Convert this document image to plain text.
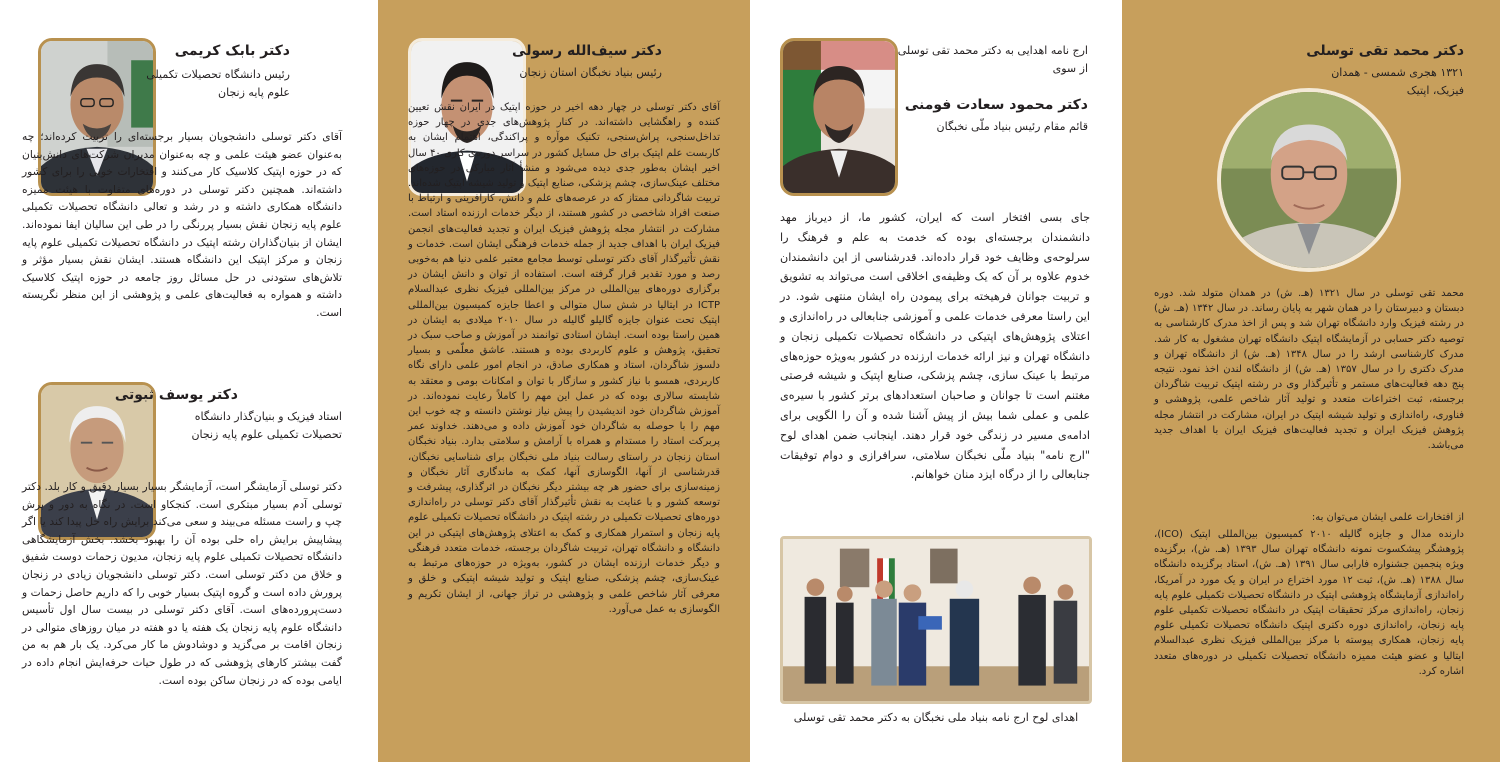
دکتر بابک کریمی
رئیس دانشگاه تحصیلات تکمیلی
علوم پایه زنجان

آقای دکتر توسلی دانشجویان بسیار برجسته‌ای را تربیت کرده‌اند؛ چه به‌عنوان عضو هیئت علمی و چه به‌عنوان مدیران شرکت‌های دانش‌بنیان که در حوزه اپتیک کلاسیک کار می‌کنند و افتخارات خوبی را برای کشور داشته‌اند. همچنین دکتر توسلی در دوره‌های متفاوت با هیئت ممیزه دانشگاه همکاری داشته و در رشد و تعالی دانشگاه تحصیلات تکمیلی علوم پایه زنجان نقش بسیار پررنگی را در طی این سالیان ایفا نموده‌اند. ایشان از بنیان‌گذاران رشته اپتیک در دانشگاه تحصیلات تکمیلی علوم پایه زنجان و مرکز اپتیک این دانشگاه هستند. ایشان نقش بسیار مؤثر و تلاش‌های ستودنی در حل مسائل روز جامعه در حوزه اپتیک کلاسیک داشته و همواره به فعالیت‌های علمی و پژوهشی از این منظر نگریسته است.

دکتر یوسف ثبوتی
استاد فیزیک و بنیان‌گذار دانشگاه
تحصیلات تکمیلی علوم پایه زنجان

دکتر توسلی آزمایشگر است، آزمایشگر بسیار بسیار دقیق و کار بلد. دکتر توسلی آدم بسیار مبتکری است. کنجکاو است. در نگاه به دور و برش چپ و راست مسئله می‌بیند و سعی می‌کند برایش راه حل پیدا کند یا اگر پیشاپیش برایش راه حلی بوده آن را بهبود بخشد. بخش آزمایشگاهی دانشگاه تحصیلات تکمیلی علوم پایه زنجان، مدیون زحمات دوست شفیق و خلاق من دکتر توسلی است. دکتر توسلی دانشجویان زیادی در زنجان پرورش داده است و گروه اپتیک بسیار خوبی را که داریم حاصل زحمات و دست‌پرورده‌های است. آقای دکتر توسلی در بیست سال اول تأسیس دانشگاه علوم پایه زنجان یک هفته یا دو هفته در میان روزهای متوالی در زنجان اقامت بر می‌گزید و دوشادوش ما کار می‌کرد. یک بار هم به من گفت بیشتر کارهای پژوهشی که در طول حیات حرفه‌ایش انجام داده در ایامی بوده که در زنجان ساکن بوده است.

دکتر سیف‌الله رسولی
رئیس بنیاد نخبگان استان زنجان

آقای دکتر توسلی در چهار دهه اخیر در حوزه اپتیک در ایران نقش تعیین کننده و راهگشایی داشته‌اند. در کنار پژوهش‌های جدی در چهار حوزه تداخل‌سنجی، پراش‌سنجی، تکنیک موآره و پراکندگی، اهتمام ایشان به کاربست علم اپتیک برای حل مسایل کشور در سراسر دوره‌ی کاری ۴۰ سال اخیر ایشان به‌طور جدی دیده می‌شود و منشأ آثار مبارکی در حوزه‌های مختلف عینک‌سازی، چشم پزشکی، صنایع اپتیک و تولید شیشه اپتیک شده‌اند. تربیت شاگردانی ممتاز که در عرصه‌های علم و دانش، کارآفرینی و ارتباط با صنعت افراد شاخصی در کشور هستند، از دیگر خدمات ارزنده استاد است. مشارکت در انتشار مجله پژوهش فیزیک ایران و تجدید فعالیت‌های انجمن فیزیک ایران با اهداف جدید از جمله خدمات فرهنگی ایشان است. خدمات و نقش تأثیرگذار آقای دکتر توسلی توسط مجامع معتبر علمی دنیا هم به‌خوبی رصد و مورد تقدیر قرار گرفته است. استفاده از توان و دانش ایشان در برگزاری دوره‌های بین‌المللی در مرکز بین‌المللی فیزیک نظری عبدالسلام ICTP در ایتالیا در شش سال متوالی و اعطا جایزه کمیسیون بین‌المللی اپتیک تحت عنوان جایزه گالیلو گالیله در سال ۲۰۱۰ میلادی به ایشان در همین راستا بوده است. ایشان استادی توانمند در آموزش و صاحب سبک در تحقیق، پژوهش و علوم کاربردی بوده و هستند. عاشق معلّمی و بسیار دلسوز شاگردان، استاد و همکاری صادق، در انجام امور علمی دارای نگاه کاربردی، همسو با نیاز کشور و سازگار با توان و امکانات بومی و معتقد به شایسته سالاری بوده که در عمل این مهم را کاملاً رعایت نموده‌اند. در آموزش شاگردان خود اندیشیدن را پیش نیاز نوشتن دانسته و چه خوب این مهم را با حوصله به شاگردان خود آموزش داده و می‌دهند. خداوند عمر پربرکت استاد را مستدام و همراه با آرامش و سلامتی بدارد. بنیاد نخبگان استان زنجان در راستای رسالت بنیاد ملی نخبگان برای شناسایی نخبگان، قدرشناسی از آنها، الگوسازی آنها، کمک به ماندگاری آثار نخبگان و زمینه‌سازی برای حضور هر چه بیشتر دیگر نخبگان در اثرگذاری، پیشرفت و توسعه کشور و با عنایت به نقش تأثیرگذار آقای دکتر توسلی در راه‌اندازی دوره‌های تحصیلات تکمیلی در رشته اپتیک در دانشگاه تحصیلات تکمیلی علوم پایه زنجان و استمرار همکاری و کمک به اعتلای پژوهش‌های اپتیکی در این دانشگاه و دانشگاه تهران، تربیت شاگردان برجسته، خدمات متعدد فرهنگی و دیگر خدمات ارزنده ایشان در کشور، به‌ویژه در حوزه‌های مرتبط به عینک‌سازی، چشم پزشکی، صنایع اپتیک و تولید شیشه اپتیکی و خلق و معرفی آثار شاخص علمی و پژوهشی در تراز جهانی، از ایشان تکریم و الگوسازی به عمل می‌آورد.

ارج نامه اهدایی به دکتر محمد تقی توسلی
از سوی
دکتر محمود سعادت فومنی
قائم مقام رئیس بنیاد ملّی نخبگان

جای بسی افتخار است که ایران، کشور ما، از دیرباز مهد دانشمندان برجسته‌ای بوده که خدمت به علم و فرهنگ را سرلوحه‌ی وظایف خود قرار داده‌اند. قدرشناسی از این دانشمندان خدوم علاوه بر آن که یک وظیفه‌ی اخلاقی است می‌تواند به تشویق و تربیت جوانان فرهیخته برای پیمودن راه ایشان منتهی شود. در این راستا معرفی خدمات علمی و آموزشی جنابعالی در راه‌اندازی و اعتلای پژوهش‌های اپتیکی در دانشگاه تحصیلات تکمیلی زنجان و دانشگاه تهران و نیز ارائه خدمات ارزنده در کشور به‌ویژه حوزه‌های مرتبط با عینک سازی، چشم پزشکی، صنایع اپتیک و شیشه فرصتی مغتنم است تا جوانان و صاحبان استعدادهای برتر کشور با سیره‌ی علمی و عملی شما بیش از پیش آشنا شده و آن را الگویی برای ادامه‌ی مسیر در زندگی خود قرار دهند. اینجانب ضمن اهدای لوح "ارج نامه" بنیاد ملّی نخبگان سلامتی، سرافرازی و دوام توفیقات جنابعالی را از درگاه ایزد منان خواهانم.

اهدای لوح ارج نامه بنیاد ملی نخبگان به دکتر محمد تقی توسلی
دکتر محمد تقی توسلی
۱۳۲۱ هجری شمسی - همدان
فیزیک، اپتیک

محمد تقی توسلی در سال ۱۳۲۱ (هـ. ش) در همدان متولد شد. دوره دبستان و دبیرستان را در همان شهر به پایان رساند. در سال ۱۳۴۲ (هـ. ش) در رشته فیزیک وارد دانشگاه تهران شد و پس از اخذ مدرک کارشناسی به توصیه دکتر حسابی در آزمایشگاه اپتیک دانشگاه تهران مشغول به کار شد. مدرک کارشناسی ارشد را در سال ۱۳۴۸ (هـ. ش) از دانشگاه تهران و مدرک دکتری را در سال ۱۳۵۷ (هـ. ش) از دانشگاه لندن اخذ نمود. نتیجه پنج دهه فعالیت‌های مستمر و تأثیرگذار وی در رشته اپتیک تربیت شاگردان برجسته، ثبت اختراعات متعدد و تولید آثار شاخص علمی، پژوهشی و فناوری، راه‌اندازی و تولید شیشه اپتیک در ایران، مشارکت در انتشار مجله پژوهش فیزیک ایران و تجدید فعالیت‌های فیزیک ایران با اهداف جدید می‌باشد.

از افتخارات علمی ایشان می‌توان به:

دارنده مدال و جایزه گالیله ۲۰۱۰ کمیسیون بین‌المللی اپتیک (ICO)، پژوهشگر پیشکسوت نمونه دانشگاه تهران سال ۱۳۹۳ (هـ. ش)، برگزیده ویژه پنجمین جشنواره فارابی سال ۱۳۹۱ (هـ. ش)، استاد برگزیده دانشگاه سال ۱۳۸۸ (هـ. ش)، ثبت ۱۲ مورد اختراع در ایران و یک مورد در آمریکا، راه‌اندازی آزمایشگاه پژوهشی اپتیک در دانشگاه تحصیلات تکمیلی علوم پایه زنجان، راه‌اندازی مرکز تحقیقات اپتیک در دانشگاه تحصیلات تکمیلی علوم پایه زنجان، راه‌اندازی دوره دکتری اپتیک دانشگاه تحصیلات تکمیلی علوم پایه زنجان، همکاری پیوسته با مرکز بین‌المللی فیزیک نظری عبدالسلام ایتالیا و عضو هیئت ممیزه دانشگاه تحصیلات تکمیلی در دوره‌های متعدد اشاره کرد.
